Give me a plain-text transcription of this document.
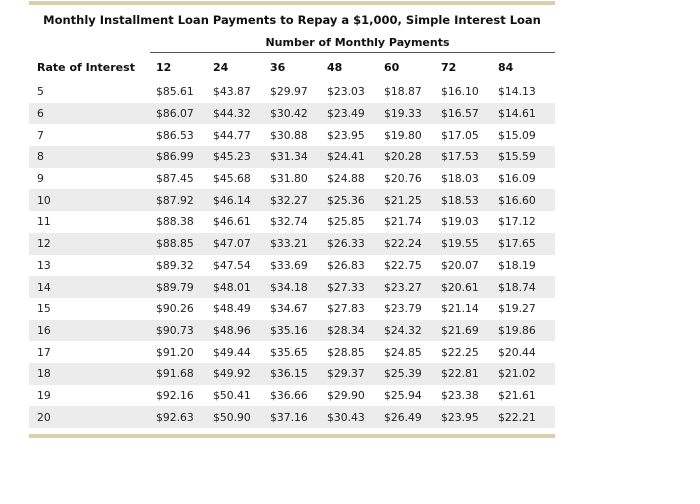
Monthly Installment Loan Payments to Repay a $1,000, Simple Interest Loan
Number of Monthly Payments
Rate of Interest	12	24	36	48	60	72	84
5	$85.61	$43.87	$29.97	$23.03	$18.87	$16.10	$14.13
6	$86.07	$44.32	$30.42	$23.49	$19.33	$16.57	$14.61
7	$86.53	$44.77	$30.88	$23.95	$19.80	$17.05	$15.09
8	$86.99	$45.23	$31.34	$24.41	$20.28	$17.53	$15.59
9	$87.45	$45.68	$31.80	$24.88	$20.76	$18.03	$16.09
10	$87.92	$46.14	$32.27	$25.36	$21.25	$18.53	$16.60
11	$88.38	$46.61	$32.74	$25.85	$21.74	$19.03	$17.12
12	$88.85	$47.07	$33.21	$26.33	$22.24	$19.55	$17.65
13	$89.32	$47.54	$33.69	$26.83	$22.75	$20.07	$18.19
14	$89.79	$48.01	$34.18	$27.33	$23.27	$20.61	$18.74
15	$90.26	$48.49	$34.67	$27.83	$23.79	$21.14	$19.27
16	$90.73	$48.96	$35.16	$28.34	$24.32	$21.69	$19.86
17	$91.20	$49.44	$35.65	$28.85	$24.85	$22.25	$20.44
18	$91.68	$49.92	$36.15	$29.37	$25.39	$22.81	$21.02
19	$92.16	$50.41	$36.66	$29.90	$25.94	$23.38	$21.61
20	$92.63	$50.90	$37.16	$30.43	$26.49	$23.95	$22.21
